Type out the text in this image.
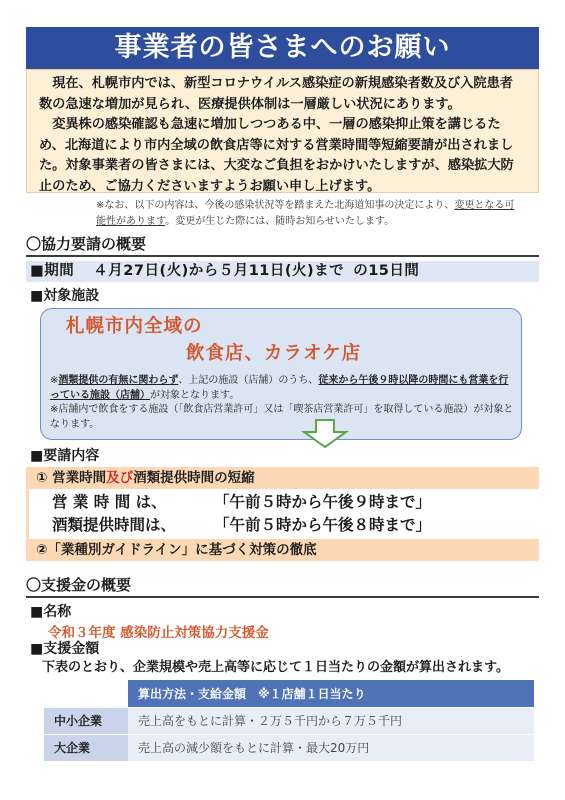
事業者の皆さまへのお願い

現在、札幌市内では、新型コロナウイルス感染症の新規感染者数及び入院患者数の急速な増加が見られ、医療提供体制は一層厳しい状況にあります。

変異株の感染確認も急速に増加しつつある中、一層の感染抑止策を講じるため、北海道により市内全域の飲食店等に対する営業時間等短縮要請が出されました。対象事業者の皆さまには、大変なご負担をおかけいたしますが、感染拡大防止のため、ご協力くださいますようお願い申し上げます。

※なお、以下の内容は、今後の感染状況等を踏まえた北海道知事の決定により、変更となる可能性があります。変更が生じた際には、随時お知らせいたします。
〇協力要請の概要
■期間 ４月27日(火)から５月11日(火)まで の15日間
■対象施設
札幌市内全域の
飲食店、カラオケ店
※酒類提供の有無に関わらず、上記の施設（店舗）のうち、従来から午後９時以降の時間にも営業を行っている施設（店舗）が対象となります。
※店舗内で飲食をする施設（「飲食店営業許可」又は「喫茶店営業許可」を取得している施設）が対象となります。
■要請内容
① 営業時間及び酒類提供時間の短縮
営 業 時 間 は、	「午前５時から午後９時まで」
酒類提供時間は、 「午前５時から午後８時まで」
②「業種別ガイドライン」に基づく対策の徹底
〇支援金の概要
■名称
令和３年度 感染防止対策協力支援金
■支援金額
下表のとおり、企業規模や売上高等に応じて１日当たりの金額が算出されます。
	算出方法・支給金額　※１店舗１日当たり
中小企業	売上高をもとに計算・２万５千円から７万５千円
大企業	売上高の減少額をもとに計算・最大20万円
